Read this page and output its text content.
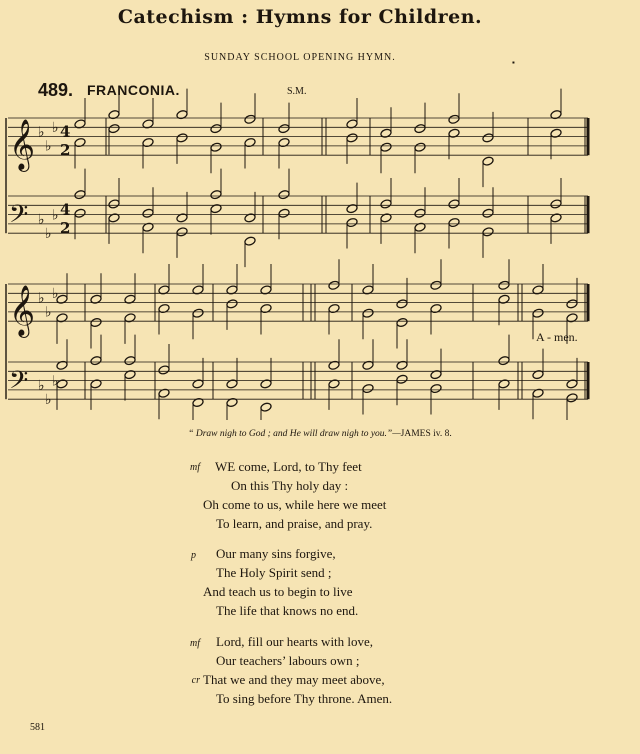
Catechism : Hymns for Children.
SUNDAY SCHOOL OPENING HYMN.	▪
489. FRANCONIA.	S.M.
𝄞 ♭
♭
♭ 4
2
𝄢 ♭
♭
♭ 4
2
𝄞 ♭
♭
♭
𝄢 ♭
♭
♭
A - men.
“ Draw nigh to God ; and He will draw nigh to you.”—JAMES iv. 8.
mf WE come, Lord, to Thy feet
On this Thy holy day :
Oh come to us, while here we meet
To learn, and praise, and pray.
p Our many sins forgive,
The Holy Spirit send ;
And teach us to begin to live
The life that knows no end.
mf Lord, fill our hearts with love,
Our teachers’ labours own ;
cr That we and they may meet above,
To sing before Thy throne. Amen.
581
